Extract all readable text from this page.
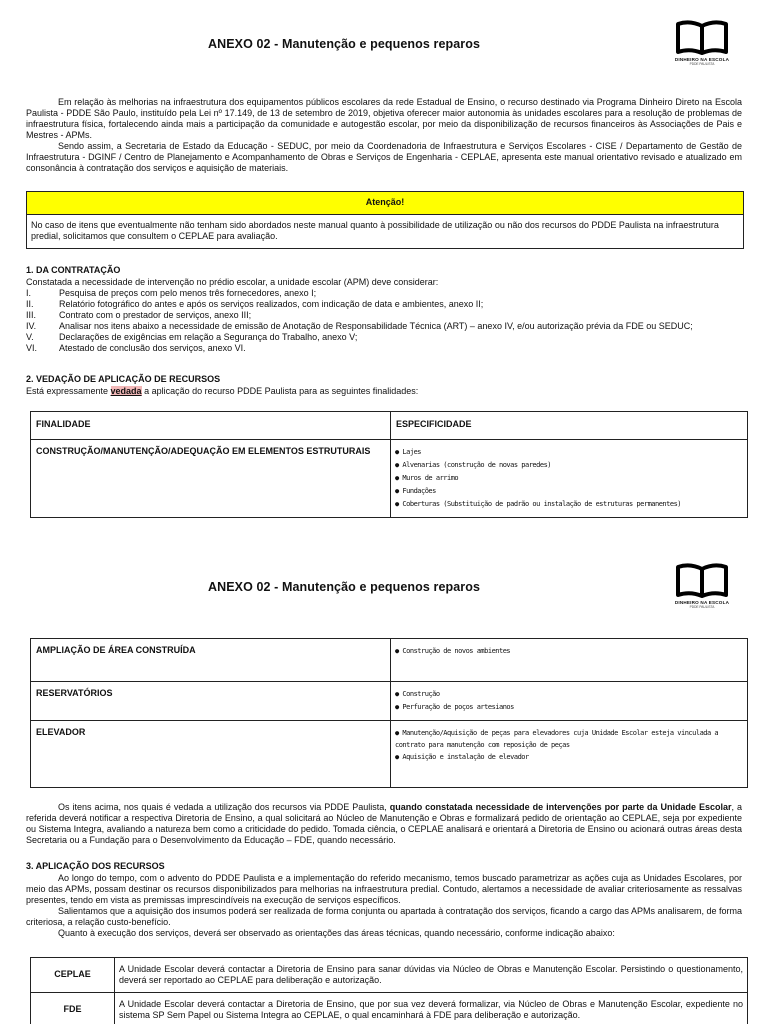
ANEXO 02 - Manutenção e pequenos reparos
DINHEIRO NA ESCOLA
PDDE PAULISTA

Em relação às melhorias na infraestrutura dos equipamentos públicos escolares da rede Estadual de Ensino, o recurso destinado via Programa Dinheiro Direto na Escola Paulista - PDDE São Paulo, instituído pela Lei nº 17.149, de 13 de setembro de 2019, objetiva oferecer maior autonomia às unidades escolares para a resolução de problemas de infraestrutura física, fortalecendo ainda mais a participação da comunidade e autogestão escolar, por meio da disponibilização de recursos financeiros às Associações de Pais e Mestres - APMs.

Sendo assim, a Secretaria de Estado da Educação - SEDUC, por meio da Coordenadoria de Infraestrutura e Serviços Escolares - CISE / Departamento de Gestão de Infraestrutura - DGINF / Centro de Planejamento e Acompanhamento de Obras e Serviços de Engenharia - CEPLAE, apresenta este manual orientativo revisado e atualizado em consonância à contratação dos serviços e aquisição de materiais.

Atenção!
No caso de itens que eventualmente não tenham sido abordados neste manual quanto à possibilidade de utilização ou não dos recursos do PDDE Paulista na infraestrutura predial, solicitamos que consultem o CEPLAE para avaliação.
1. DA CONTRATAÇÃO
Constatada a necessidade de intervenção no prédio escolar, a unidade escolar (APM) deve considerar:
I.	Pesquisa de preços com pelo menos três fornecedores, anexo I;
II.	Relatório fotográfico do antes e após os serviços realizados, com indicação de data e ambientes, anexo II;
III.	Contrato com o prestador de serviços, anexo III;
IV.	Analisar nos itens abaixo a necessidade de emissão de Anotação de Responsabilidade Técnica (ART) – anexo IV, e/ou autorização prévia da FDE ou SEDUC;
V.	Declarações de exigências em relação a Segurança do Trabalho, anexo V;
VI.	Atestado de conclusão dos serviços, anexo VI.
2. VEDAÇÃO DE APLICAÇÃO DE RECURSOS
Está expressamente vedada a aplicação do recurso PDDE Paulista para as seguintes finalidades:
FINALIDADE	ESPECIFICIDADE
CONSTRUÇÃO/MANUTENÇÃO/ADEQUAÇÃO EM ELEMENTOS ESTRUTURAIS	● Lajes
● Alvenarias (construção de novas paredes)
● Muros de arrimo
● Fundações
● Coberturas (Substituição de padrão ou instalação de estruturas permanentes)
ANEXO 02 - Manutenção e pequenos reparos
DINHEIRO NA ESCOLA
PDDE PAULISTA
AMPLIAÇÃO DE ÁREA CONSTRUÍDA	● Construção de novos ambientes

RESERVATÓRIOS	● Construção
● Perfuração de poços artesianos

ELEVADOR	● Manutenção/Aquisição de peças para elevadores cuja Unidade Escolar esteja vinculada a contrato para manutenção com reposição de peças
● Aquisição e instalação de elevador

Os itens acima, nos quais é vedada a utilização dos recursos via PDDE Paulista, quando constatada necessidade de intervenções por parte da Unidade Escolar, a referida deverá notificar a respectiva Diretoria de Ensino, a qual solicitará ao Núcleo de Manutenção e Obras e formalizará pedido de orientação ao CEPLAE, seja por expediente ou Sistema Integra, avaliando a natureza bem como a criticidade do pedido. Tomada ciência, o CEPLAE analisará e orientará a Diretoria de Ensino ou acionará outras áreas desta Secretaria ou a Fundação para o Desenvolvimento da Educação – FDE, quando necessário.

3. APLICAÇÃO DOS RECURSOS

Ao longo do tempo, com o advento do PDDE Paulista e a implementação do referido mecanismo, temos buscado parametrizar as ações cuja as Unidades Escolares, por meio das APMs, possam destinar os recursos disponibilizados para melhorias na infraestrutura predial. Contudo, alertamos a necessidade de avaliar criteriosamente as ressalvas presentes, tendo em vista as premissas imprescindíveis na execução de serviços específicos.

Salientamos que a aquisição dos insumos poderá ser realizada de forma conjunta ou apartada à contratação dos serviços, ficando a cargo das APMs analisarem, de forma criteriosa, a relação custo-benefício.

Quanto à execução dos serviços, deverá ser observado as orientações das áreas técnicas, quando necessário, conforme indicação abaixo:

CEPLAE	A Unidade Escolar deverá contactar a Diretoria de Ensino para sanar dúvidas via Núcleo de Obras e Manutenção Escolar. Persistindo o questionamento, deverá ser reportado ao CEPLAE para deliberação e autorização.
FDE	A Unidade Escolar deverá contactar a Diretoria de Ensino, que por sua vez deverá formalizar, via Núcleo de Obras e Manutenção Escolar, expediente no sistema SP Sem Papel ou Sistema Integra ao CEPLAE, o qual encaminhará à FDE para deliberação e autorização.
